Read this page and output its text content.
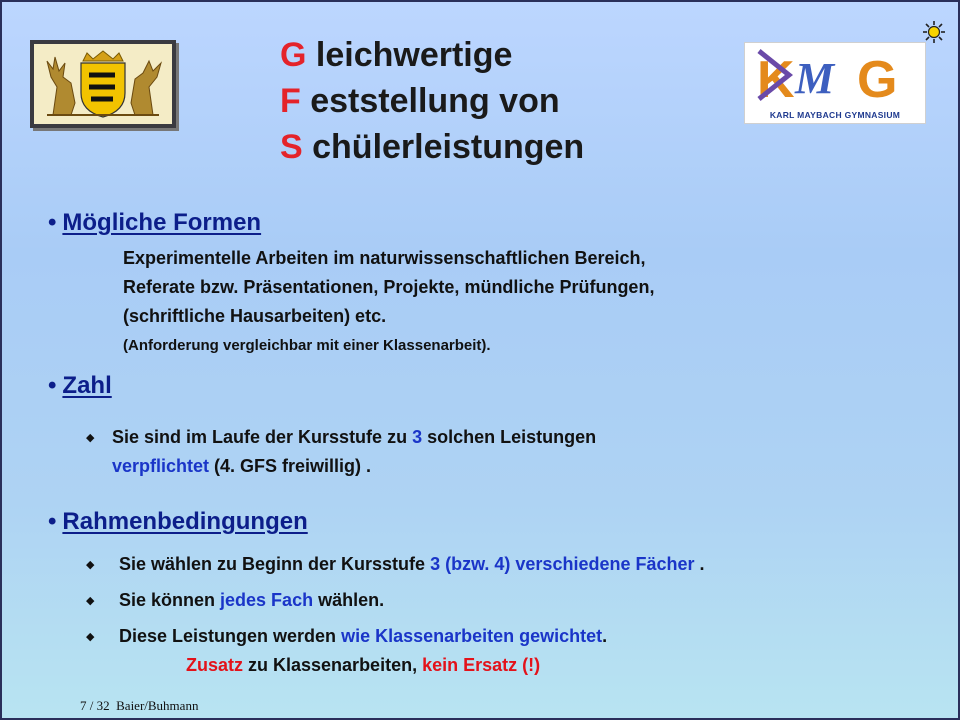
G leichwertige
F eststellung von
S chülerleistungen
K M G
KARL MAYBACH GYMNASIUM
• Mögliche Formen
Experimentelle Arbeiten im naturwissenschaftlichen Bereich,
Referate bzw. Präsentationen, Projekte, mündliche Prüfungen,
(schriftliche Hausarbeiten) etc.
(Anforderung vergleichbar mit einer Klassenarbeit).
• Zahl
◆ Sie sind im Laufe der Kursstufe zu 3 solchen Leistungen
verpflichtet (4. GFS freiwillig) .
• Rahmenbedingungen
◆ Sie wählen zu Beginn der Kursstufe 3 (bzw. 4) verschiedene Fächer .
◆ Sie können jedes Fach wählen.
◆ Diese Leistungen werden wie Klassenarbeiten gewichtet.
Zusatz zu Klassenarbeiten, kein Ersatz (!)
7 / 32 Baier/Buhmann
